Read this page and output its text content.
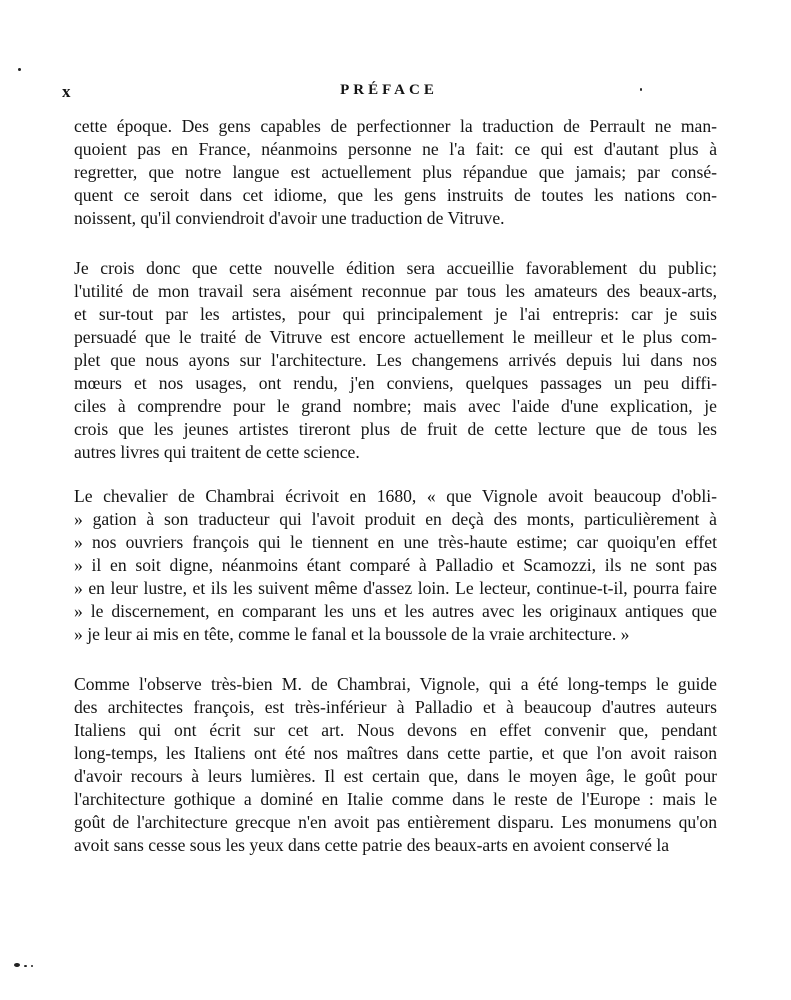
x	PRÉFACE
cette époque. Des gens capables de perfectionner la traduction de Perrault ne man-
quoient pas en France, néanmoins personne ne l'a fait: ce qui est d'autant plus à
regretter, que notre langue est actuellement plus répandue que jamais; par consé-
quent ce seroit dans cet idiome, que les gens instruits de toutes les nations con-
noissent, qu'il conviendroit d'avoir une traduction de Vitruve.
Je crois donc que cette nouvelle édition sera accueillie favorablement du public;
l'utilité de mon travail sera aisément reconnue par tous les amateurs des beaux-arts,
et sur-tout par les artistes, pour qui principalement je l'ai entrepris: car je suis
persuadé que le traité de Vitruve est encore actuellement le meilleur et le plus com-
plet que nous ayons sur l'architecture. Les changemens arrivés depuis lui dans nos
mœurs et nos usages, ont rendu, j'en conviens, quelques passages un peu diffi-
ciles à comprendre pour le grand nombre; mais avec l'aide d'une explication, je
crois que les jeunes artistes tireront plus de fruit de cette lecture que de tous les
autres livres qui traitent de cette science.
Le chevalier de Chambrai écrivoit en 1680, « que Vignole avoit beaucoup d'obli-
» gation à son traducteur qui l'avoit produit en deçà des monts, particulièrement à
» nos ouvriers françois qui le tiennent en une très-haute estime; car quoiqu'en effet
» il en soit digne, néanmoins étant comparé à Palladio et Scamozzi, ils ne sont pas
» en leur lustre, et ils les suivent même d'assez loin. Le lecteur, continue-t-il, pourra faire
» le discernement, en comparant les uns et les autres avec les originaux antiques que
» je leur ai mis en tête, comme le fanal et la boussole de la vraie architecture. »
Comme l'observe très-bien M. de Chambrai, Vignole, qui a été long-temps le guide
des architectes françois, est très-inférieur à Palladio et à beaucoup d'autres auteurs
Italiens qui ont écrit sur cet art. Nous devons en effet convenir que, pendant
long-temps, les Italiens ont été nos maîtres dans cette partie, et que l'on avoit raison
d'avoir recours à leurs lumières. Il est certain que, dans le moyen âge, le goût pour
l'architecture gothique a dominé en Italie comme dans le reste de l'Europe : mais le
goût de l'architecture grecque n'en avoit pas entièrement disparu. Les monumens qu'on
avoit sans cesse sous les yeux dans cette patrie des beaux-arts en avoient conservé la
